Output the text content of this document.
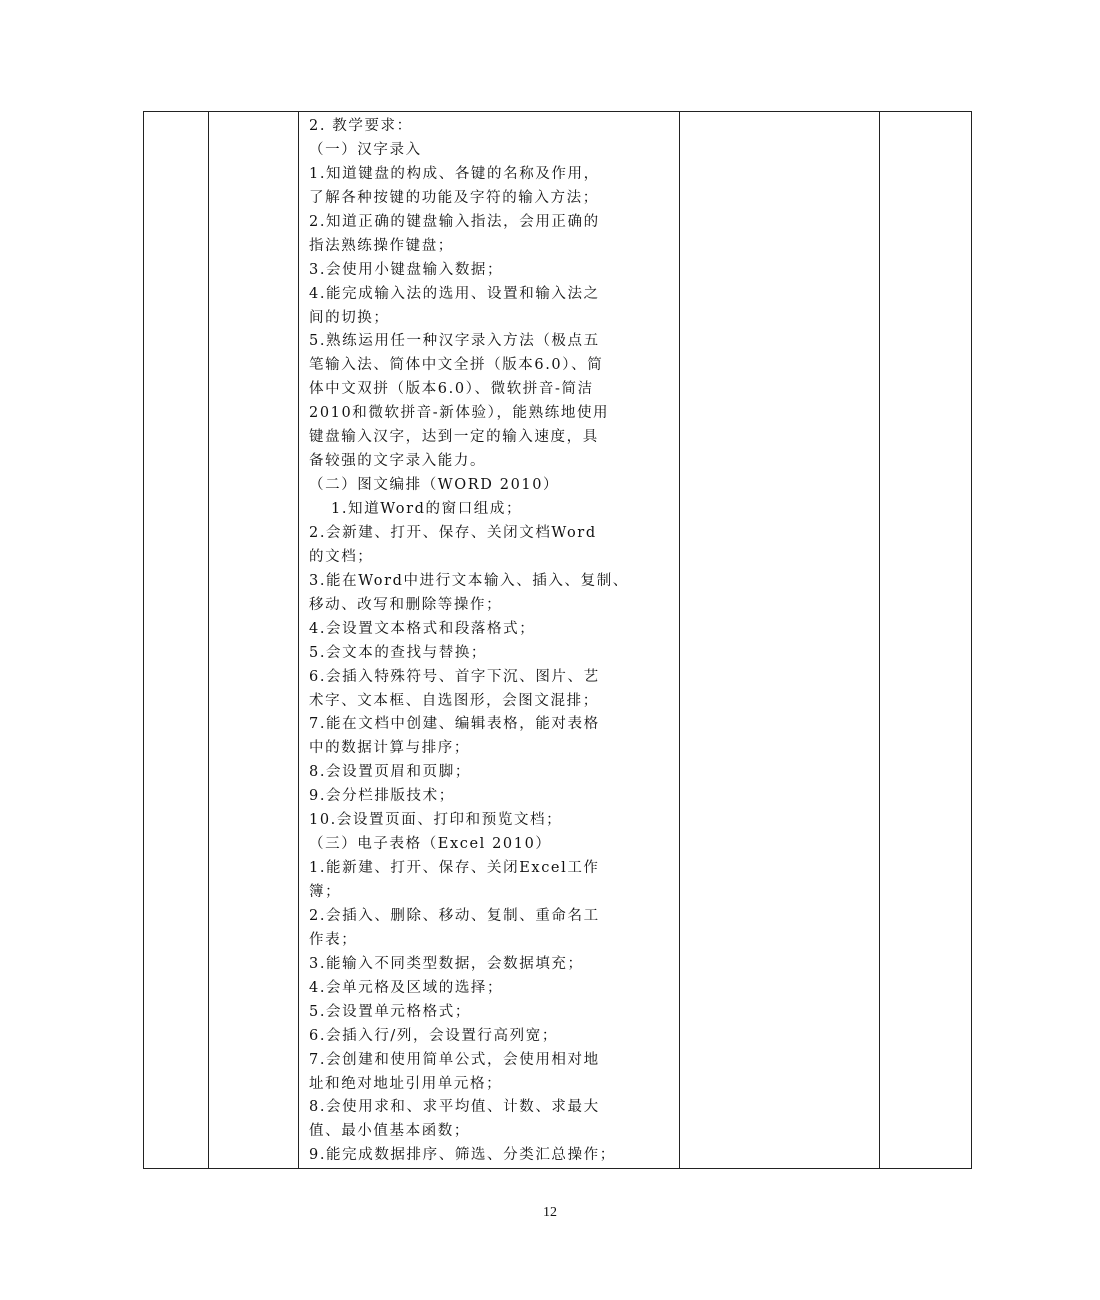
2. 教学要求：
（一）汉字录入
1.知道键盘的构成、各键的名称及作用，
了解各种按键的功能及字符的输入方法；
2.知道正确的键盘输入指法，会用正确的
指法熟练操作键盘；
3.会使用小键盘输入数据；
4.能完成输入法的选用、设置和输入法之
间的切换；
5.熟练运用任一种汉字录入方法（极点五
笔输入法、简体中文全拼（版本6.0）、简
体中文双拼（版本6.0）、微软拼音-简洁
2010和微软拼音-新体验），能熟练地使用
键盘输入汉字，达到一定的输入速度，具
备较强的文字录入能力。
（二）图文编排（WORD 2010）
1.知道Word的窗口组成；
2.会新建、打开、保存、关闭文档Word
的文档；
3.能在Word中进行文本输入、插入、复制、
移动、改写和删除等操作；
4.会设置文本格式和段落格式；
5.会文本的查找与替换；
6.会插入特殊符号、首字下沉、图片、艺
术字、文本框、自选图形，会图文混排；
7.能在文档中创建、编辑表格，能对表格
中的数据计算与排序；
8.会设置页眉和页脚；
9.会分栏排版技术；
10.会设置页面、打印和预览文档；
（三）电子表格（Excel 2010）
1.能新建、打开、保存、关闭Excel工作
簿；
2.会插入、删除、移动、复制、重命名工
作表；
3.能输入不同类型数据，会数据填充；
4.会单元格及区域的选择；
5.会设置单元格格式；
6.会插入行/列，会设置行高列宽；
7.会创建和使用简单公式，会使用相对地
址和绝对地址引用单元格；
8.会使用求和、求平均值、计数、求最大
值、最小值基本函数；
9.能完成数据排序、筛选、分类汇总操作；

12
